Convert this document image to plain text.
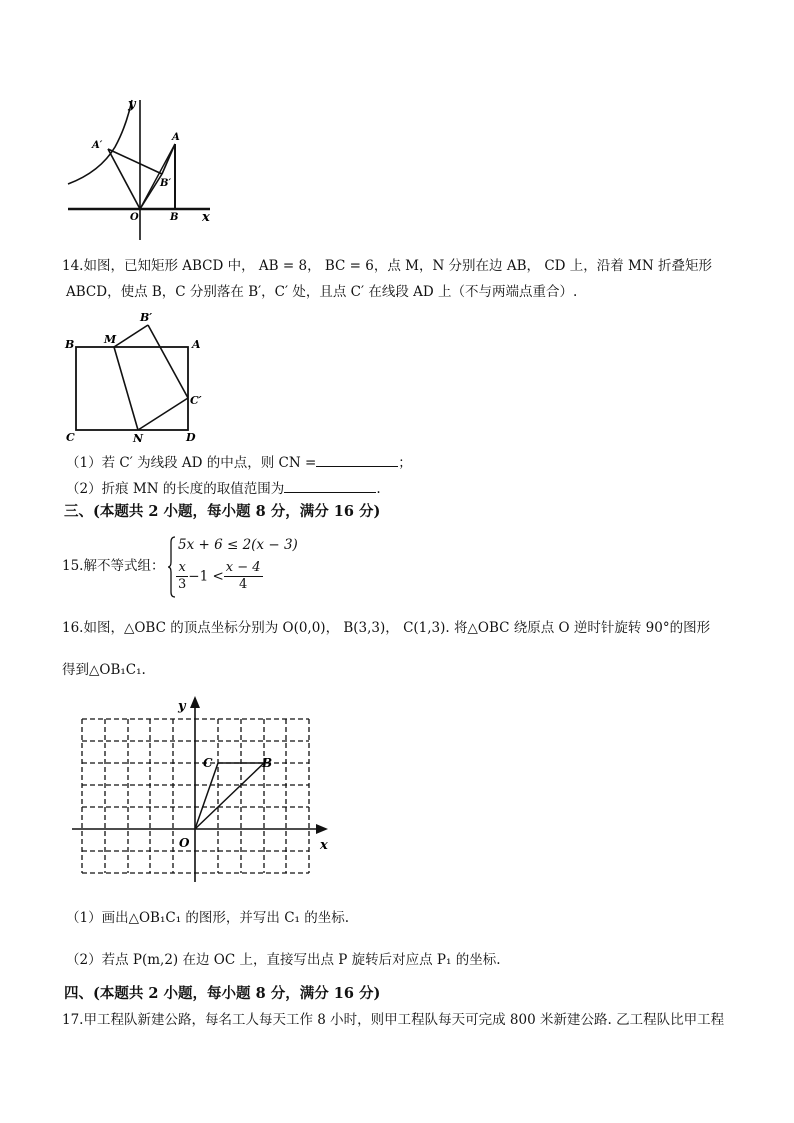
y
A′
A
B′
O	B x
14.如图，已知矩形 ABCD 中， AB = 8， BC = 6，点 M，N 分别在边 AB， CD 上，沿着 MN 折叠矩形
ABCD，使点 B，C 分别落在 B′，C′ 处，且点 C′ 在线段 AD 上（不与两端点重合）.
B	M
B′
A
C′
C	N	D
（1）若 C′ 为线段 AD 的中点，则 CN =	；
（2）折痕 MN 的长度的取值范围为	.
三、(本题共 2 小题，每小题 8 分，满分 16 分)
15.解不等式组：
5x + 6 ≤ 2(x − 3)
$\frac{x}{3} -1 < \frac{x - 4}{4}$
16.如图，△OBC 的顶点坐标分别为 O(0,0)， B(3,3)， C(1,3). 将△OBC 绕原点 O 逆时针旋转 90°的图形
得到△OB₁C₁.
y
x
O
C	B
（1）画出△OB₁C₁ 的图形，并写出 C₁ 的坐标.
（2）若点 P(m,2) 在边 OC 上，直接写出点 P 旋转后对应点 P₁ 的坐标.
四、(本题共 2 小题，每小题 8 分，满分 16 分)
17.甲工程队新建公路，每名工人每天工作 8 小时，则甲工程队每天可完成 800 米新建公路. 乙工程队比甲工程
